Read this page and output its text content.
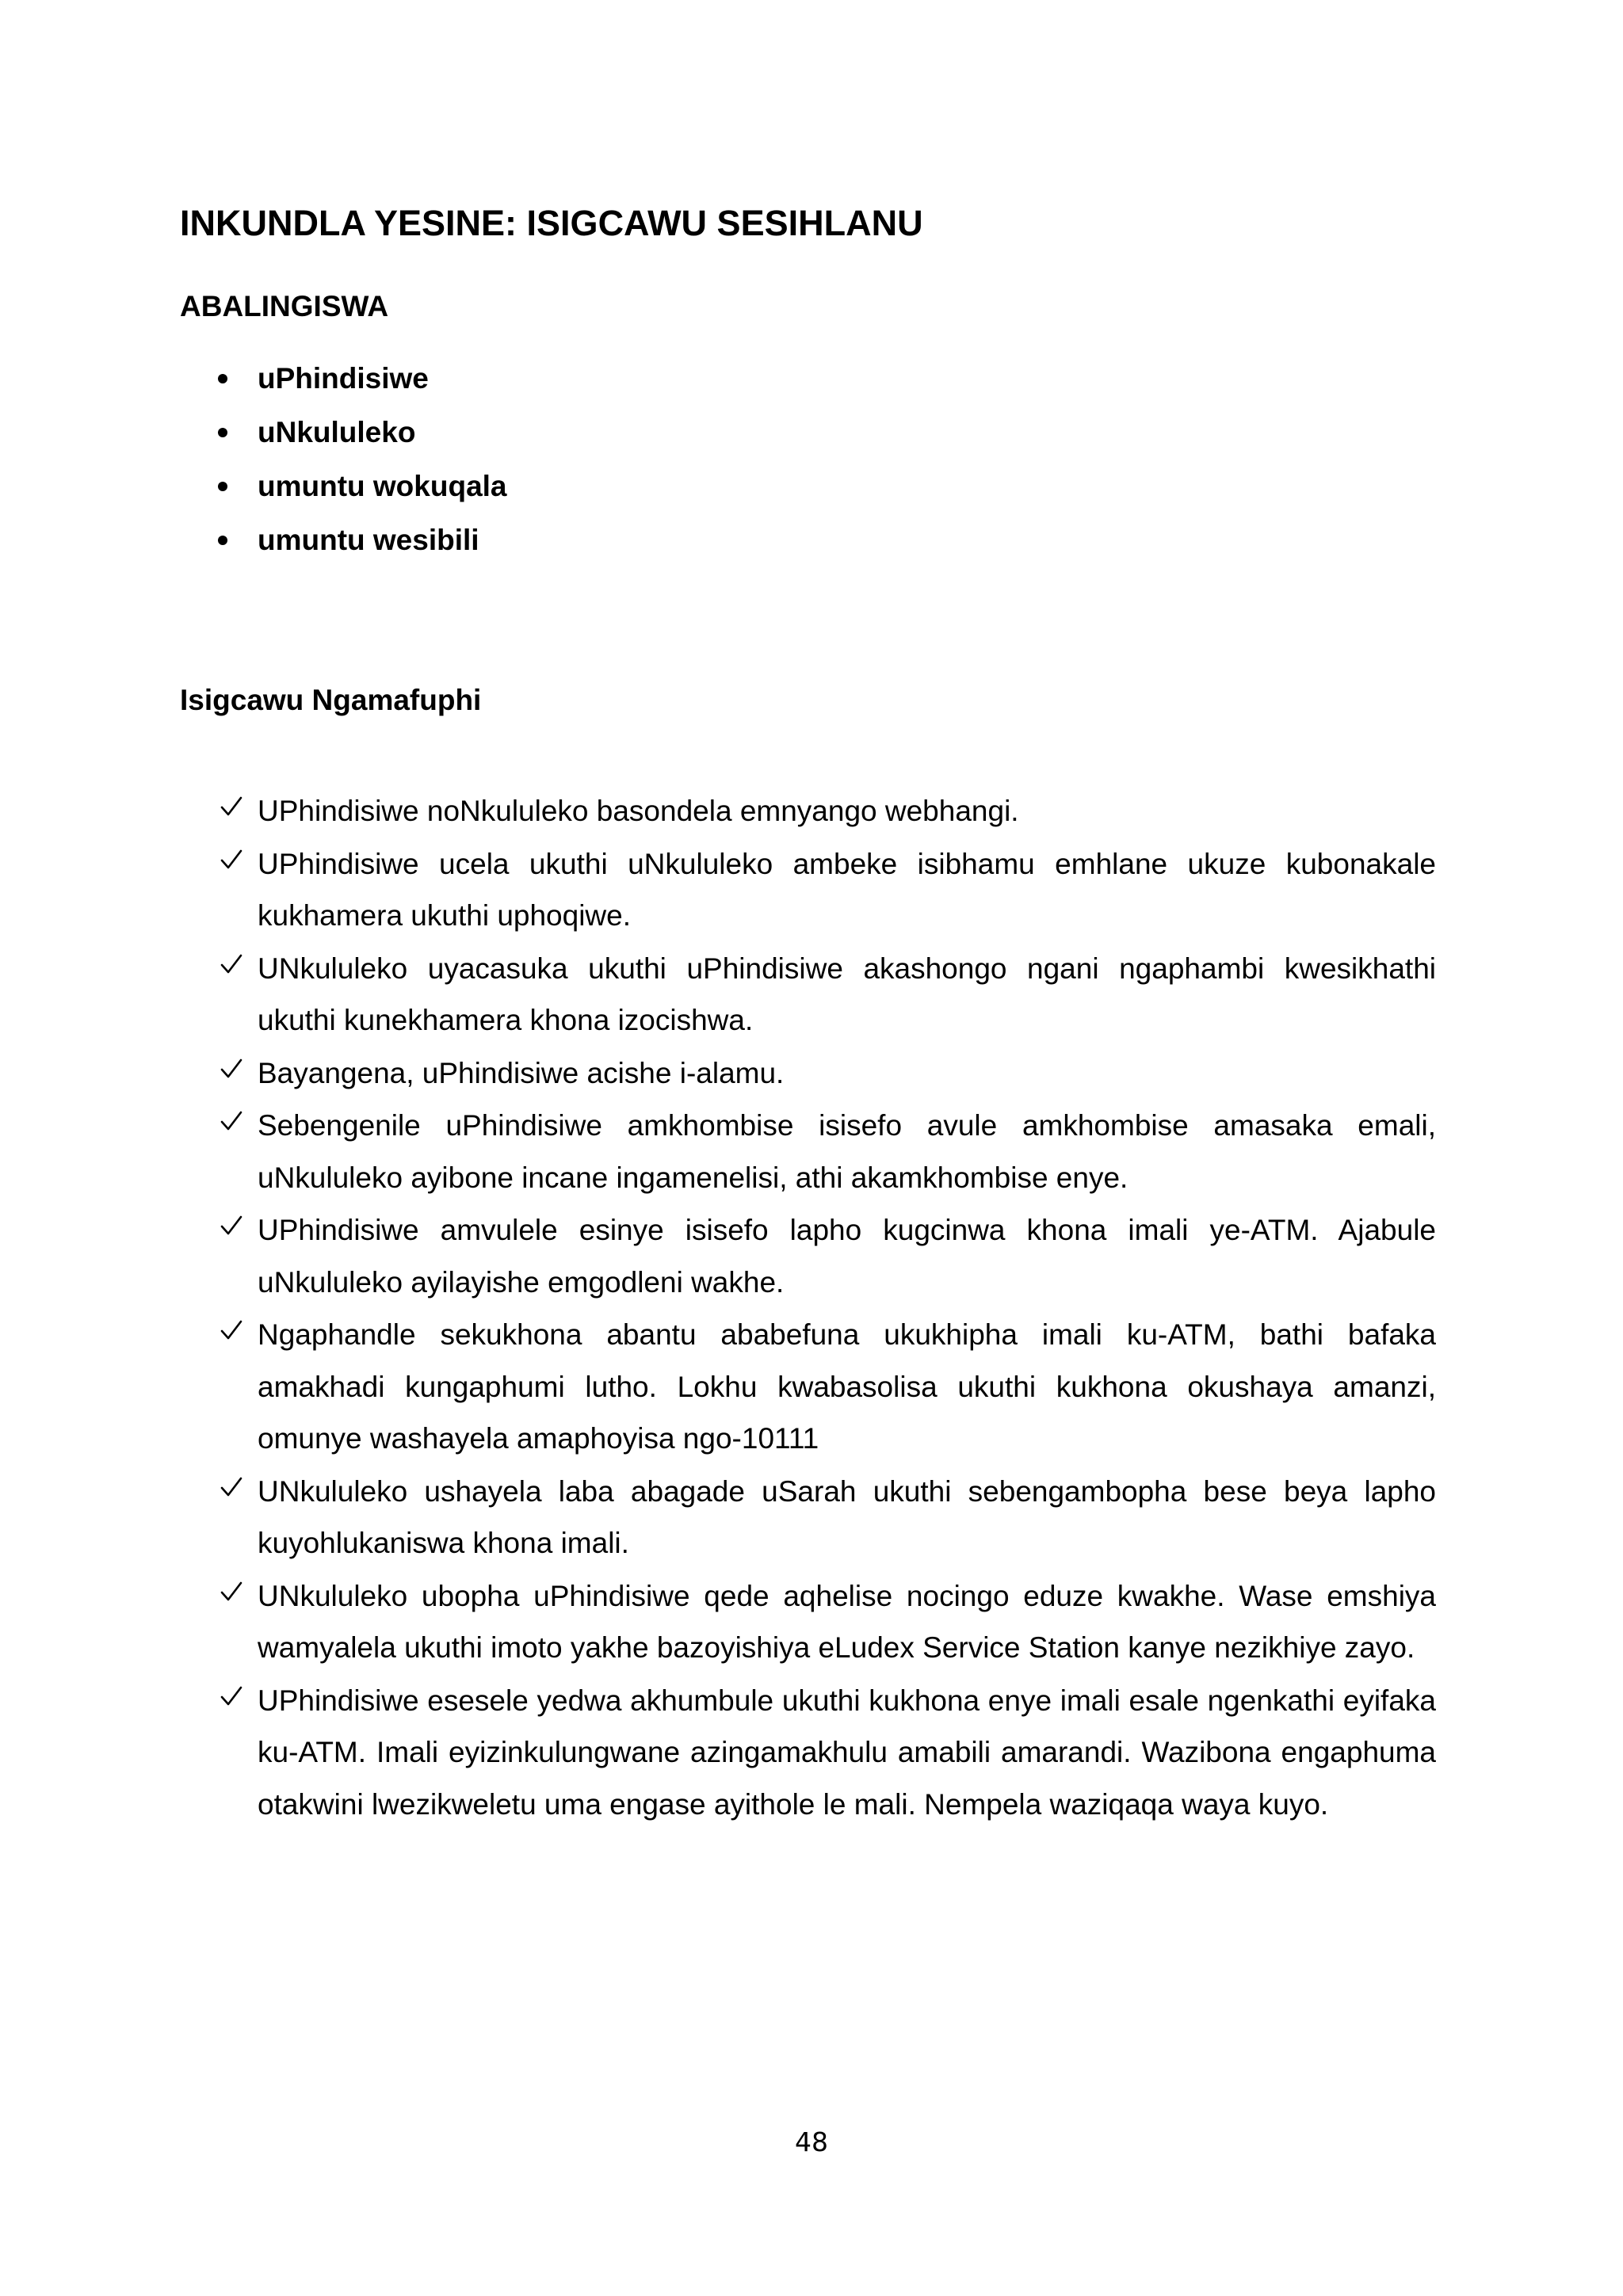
INKUNDLA YESINE: ISIGCAWU SESIHLANU
ABALINGISWA
uPhindisiwe
uNkululeko
umuntu wokuqala
umuntu wesibili
Isigcawu Ngamafuphi
UPhindisiwe noNkululeko basondela emnyango webhangi.
UPhindisiwe ucela ukuthi uNkululeko ambeke isibhamu emhlane ukuze kubonakale kukhamera ukuthi uphoqiwe.
UNkululeko uyacasuka ukuthi uPhindisiwe akashongo ngani ngaphambi kwesikhathi ukuthi kunekhamera khona izocishwa.
Bayangena, uPhindisiwe acishe i-alamu.
Sebengenile uPhindisiwe amkhombise isisefo avule amkhombise amasaka emali, uNkululeko ayibone incane ingamenelisi, athi akamkhombise enye.
UPhindisiwe amvulele esinye isisefo lapho kugcinwa khona imali ye-ATM. Ajabule uNkululeko ayilayishe emgodleni wakhe.
Ngaphandle sekukhona abantu ababefuna ukukhipha imali ku-ATM, bathi bafaka amakhadi kungaphumi lutho. Lokhu kwabasolisa ukuthi kukhona okushaya amanzi, omunye washayela amaphoyisa ngo-10111
UNkululeko ushayela laba abagade uSarah ukuthi sebengambopha bese beya lapho kuyohlukaniswa khona imali.
UNkululeko ubopha uPhindisiwe qede aqhelise nocingo eduze kwakhe. Wase emshiya wamyalela ukuthi imoto yakhe bazoyishiya eLudex Service Station kanye nezikhiye zayo.
UPhindisiwe esesele yedwa akhumbule ukuthi kukhona enye imali esale ngenkathi eyifaka ku-ATM. Imali eyizinkulungwane azingamakhulu amabili amarandi. Wazibona engaphuma otakwini lwezikweletu uma engase ayithole le mali. Nempela waziqaqa waya kuyo.

48
